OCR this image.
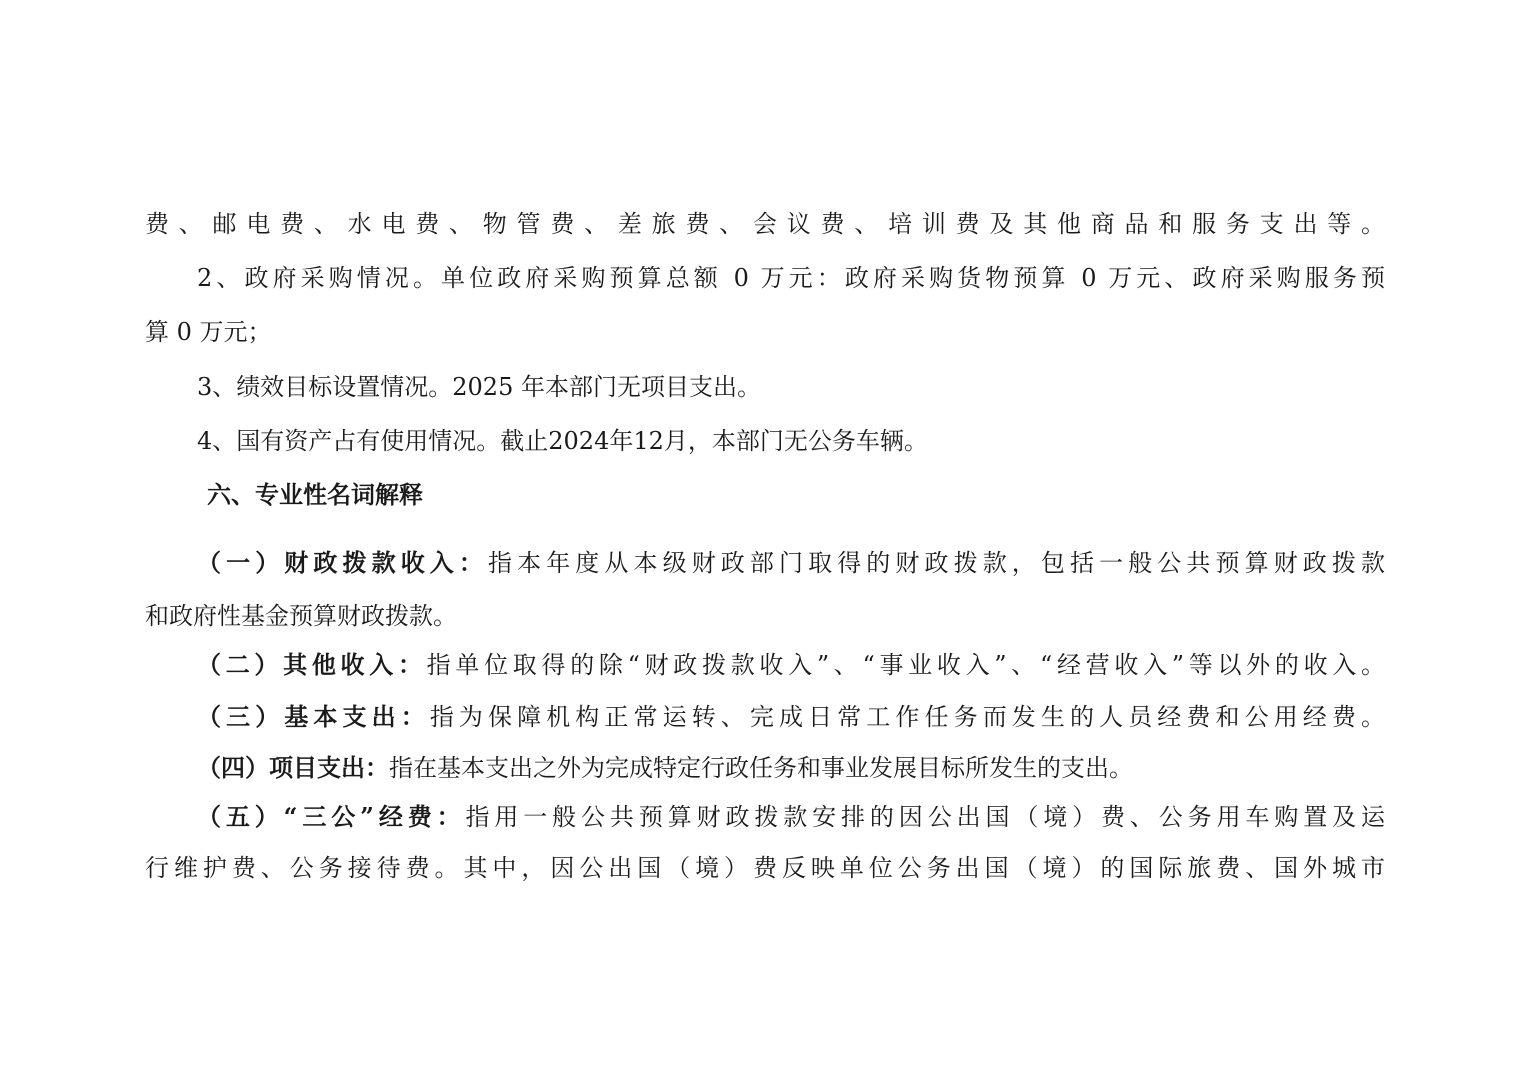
费、邮电费、水电费、物管费、差旅费、会议费、培训费及其他商品和服务支出等。
2、政府采购情况。单位政府采购预算总额 0 万元：政府采购货物预算 0 万元、政府采购服务预
算 0 万元；
3、绩效目标设置情况。2025 年本部门无项目支出。
4、国有资产占有使用情况。截止2024年12月，本部门无公务车辆。
六、专业性名词解释
（一）财政拨款收入：指本年度从本级财政部门取得的财政拨款，包括一般公共预算财政拨款
和政府性基金预算财政拨款。
（二）其他收入：指单位取得的除“财政拨款收入”、“事业收入”、“经营收入”等以外的收入。
（三）基本支出：指为保障机构正常运转、完成日常工作任务而发生的人员经费和公用经费。
（四）项目支出：指在基本支出之外为完成特定行政任务和事业发展目标所发生的支出。
（五）“三公”经费：指用一般公共预算财政拨款安排的因公出国（境）费、公务用车购置及运
行维护费、公务接待费。其中，因公出国（境）费反映单位公务出国（境）的国际旅费、国外城市
